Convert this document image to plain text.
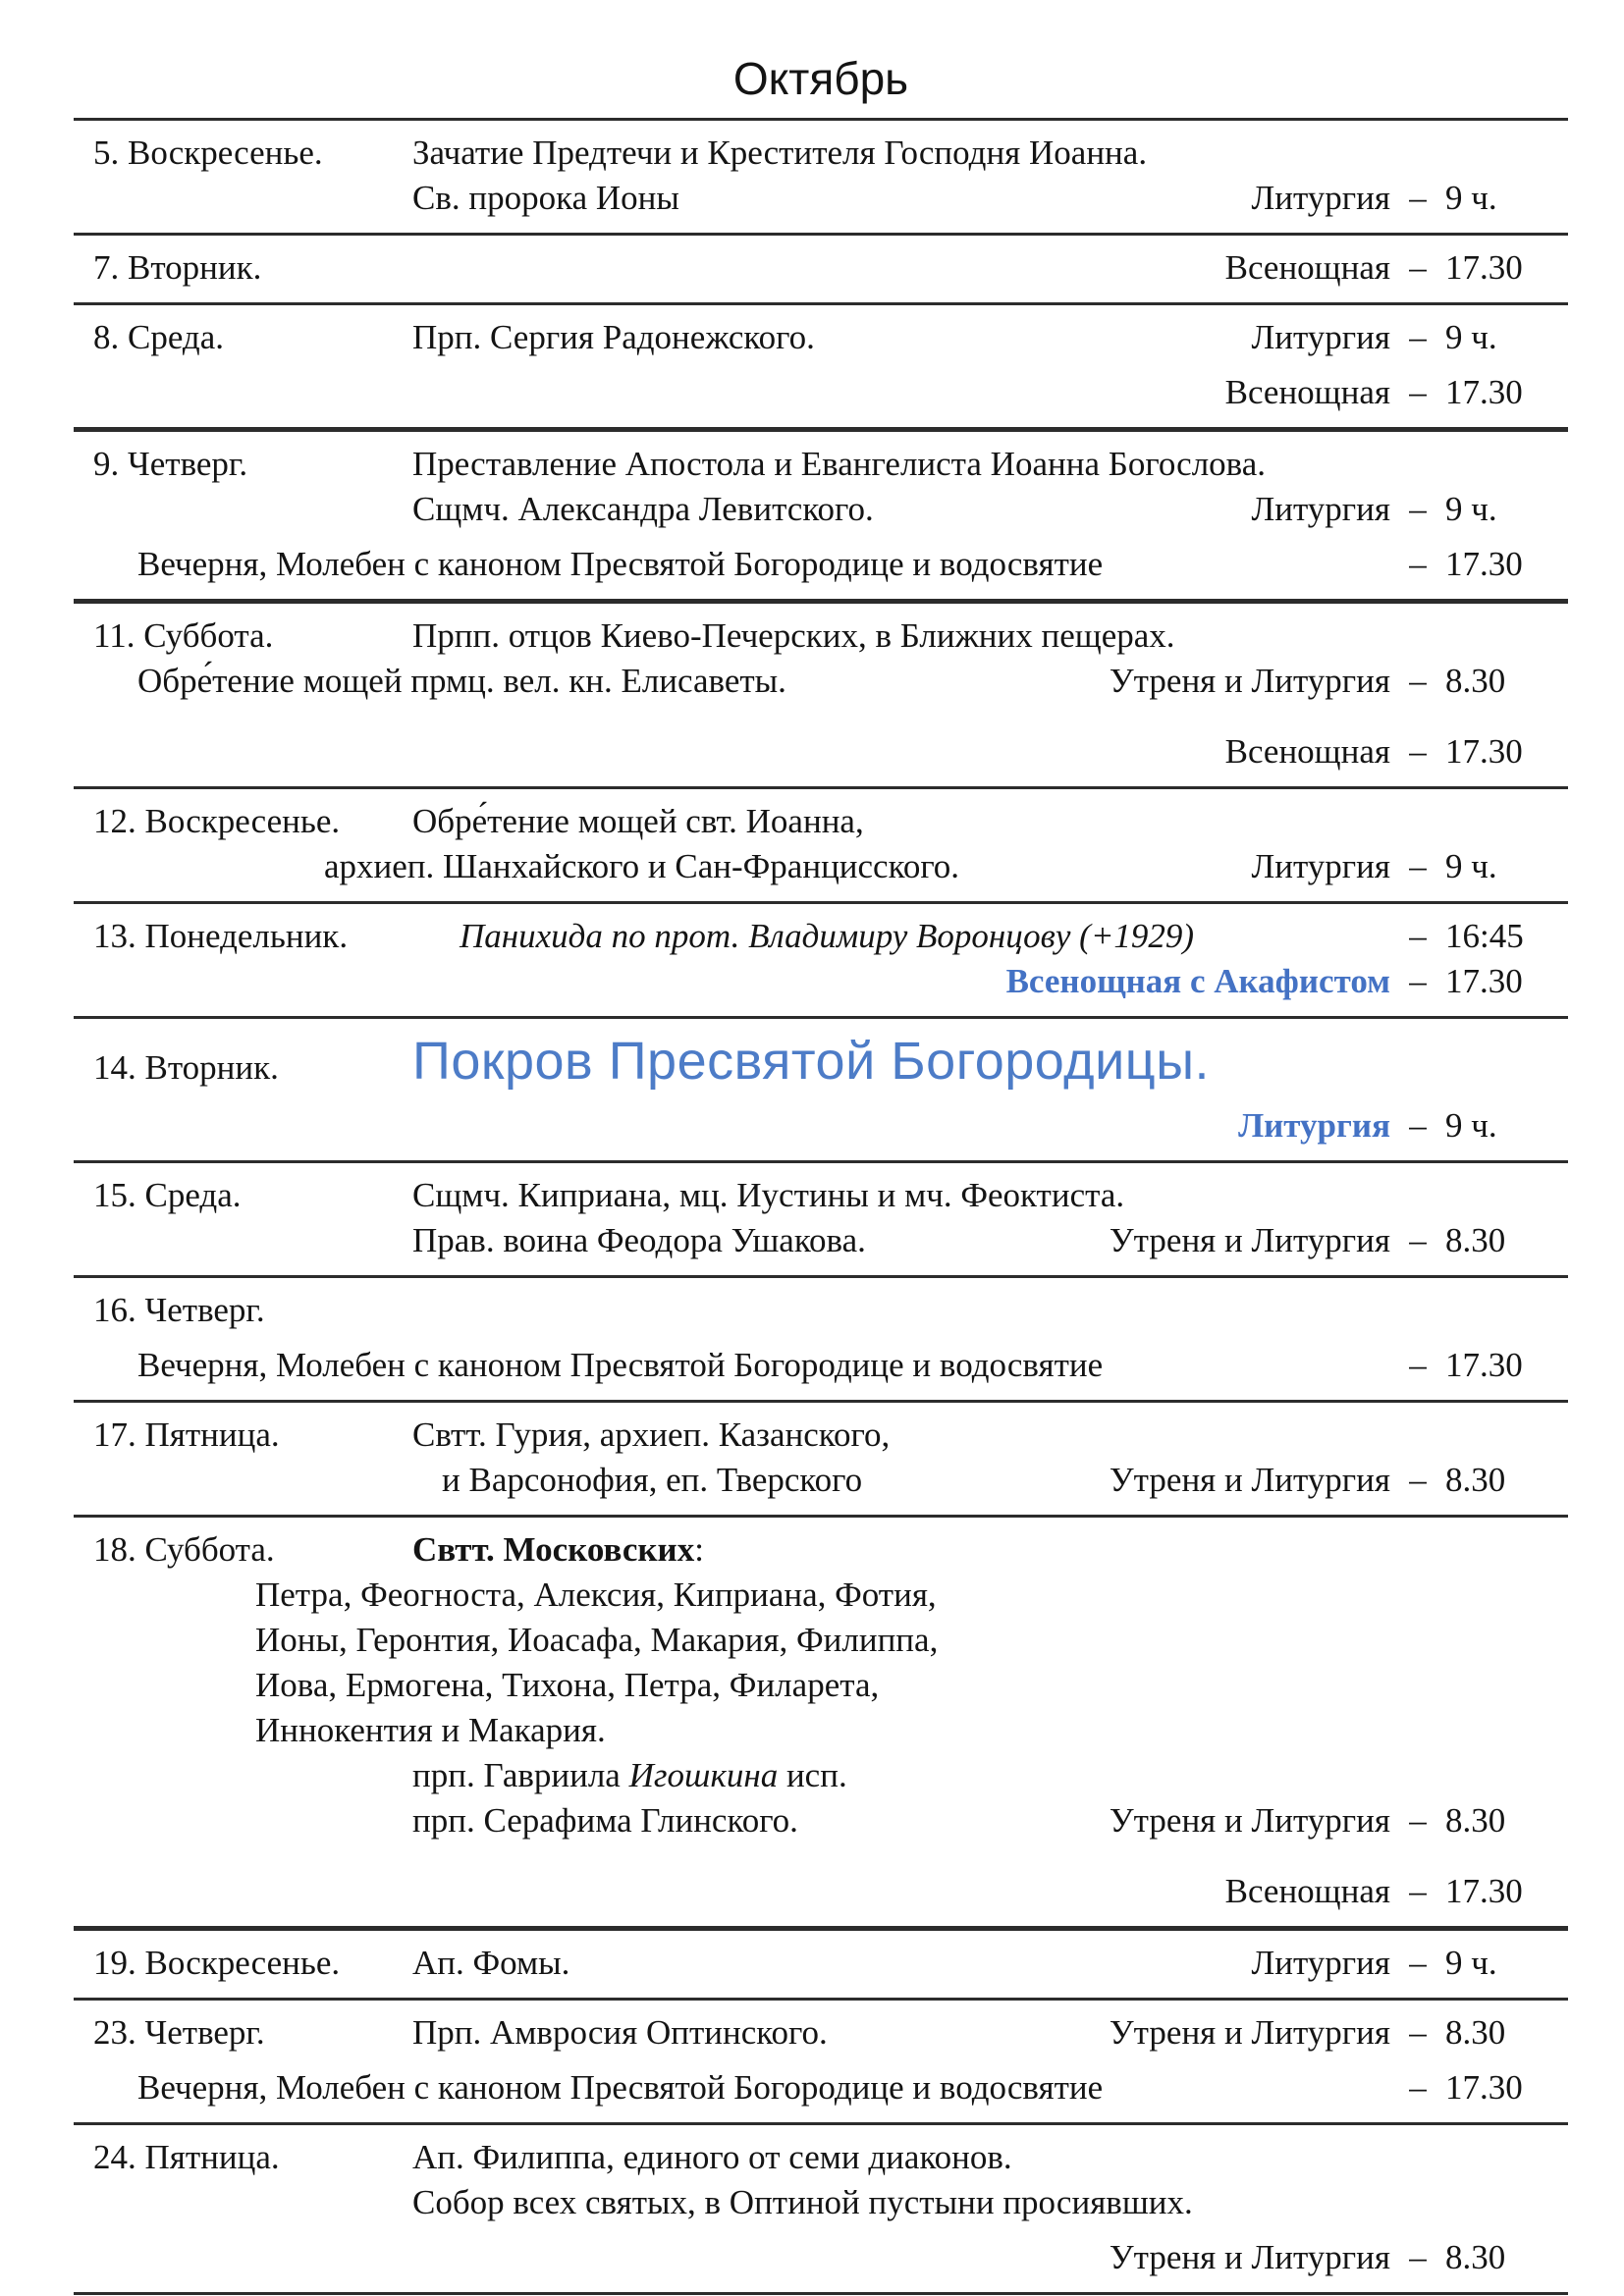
Октябрь
5. Воскресенье.	Зачатие Предтечи и Крестителя Господня Иоанна.
Св. пророка Ионы	Литургия – 9 ч.
7. Вторник.	Всенощная – 17.30
8. Среда.	Прп. Сергия Радонежского.	Литургия – 9 ч.
Всенощная – 17.30
9. Четверг.	Преставление Апостола и Евангелиста Иоанна Богослова.
Сщмч. Александра Левитского.	Литургия – 9 ч.
Вечерня, Молебен с каноном Пресвятой Богородице и водосвятие	– 17.30
11. Суббота.	Прпп. отцов Киево-Печерских, в Ближних пещерах.
Обре́тение мощей прмц. вел. кн. Елисаветы.	Утреня и Литургия – 8.30
Всенощная – 17.30
12. Воскресенье.	Обре́тение мощей свт. Иоанна,
архиеп. Шанхайского и Сан-Францисского.	Литургия – 9 ч.
13. Понедельник.	Панихида по прот. Владимиру Воронцову (+1929)	– 16:45
Всенощная с Акафистом – 17.30
14. Вторник.	Покров Пресвятой Богородицы.
Литургия – 9 ч.
15. Среда.	Сщмч. Киприана, мц. Иустины и мч. Феоктиста.
Прав. воина Феодора Ушакова.	Утреня и Литургия – 8.30
16. Четверг.
Вечерня, Молебен с каноном Пресвятой Богородице и водосвятие	– 17.30
17. Пятница.	Свтт. Гурия, архиеп. Казанского,
и Варсонофия, еп. Тверского	Утреня и Литургия – 8.30
18. Суббота.	Свтт. Московских:
Петра, Феогноста, Алексия, Киприана, Фотия,
Ионы, Геронтия, Иоасафа, Макария, Филиппа,
Иова, Ермогена, Тихона, Петра, Филарета,
Иннокентия и Макария.
прп. Гавриила Игошкина исп.
прп. Серафима Глинского.	Утреня и Литургия – 8.30
Всенощная – 17.30
19. Воскресенье.	Ап. Фомы.	Литургия – 9 ч.
23. Четверг.	Прп. Амвросия Оптинского.	Утреня и Литургия – 8.30
Вечерня, Молебен с каноном Пресвятой Богородице и водосвятие	– 17.30
24. Пятница.	Ап. Филиппа, единого от семи диаконов.
Собор всех святых, в Оптиной пустыни просиявших.
Утреня и Литургия – 8.30
